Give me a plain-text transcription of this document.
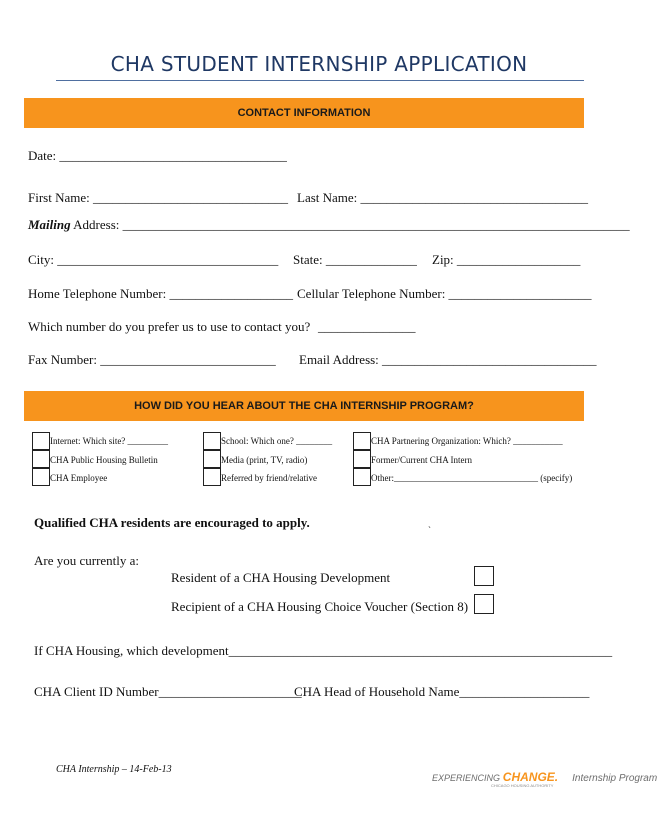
CHA STUDENT INTERNSHIP APPLICATION
CONTACT INFORMATION
Date: ___________________________________
First Name: ______________________________ Last Name: ___________________________________
Mailing Address: ______________________________________________________________________________
City: __________________________________ State: ______________ Zip: ___________________
Home Telephone Number: ___________________ Cellular Telephone Number: ______________________
Which number do you prefer us to use to contact you? _______________
Fax Number: ___________________________ Email Address: _________________________________
HOW DID YOU HEAR ABOUT THE CHA INTERNSHIP PROGRAM?
Internet: Which site? _________
CHA Public Housing Bulletin
CHA Employee
School: Which one? ________
Media (print, TV, radio)
Referred by friend/relative
CHA Partnering Organization: Which? ___________
Former/Current CHA Intern
Other:________________________________ (specify)
Qualified CHA residents are encouraged to apply.	`
Are you currently a:
Resident of a CHA Housing Development
Recipient of a CHA Housing Choice Voucher (Section 8)
If CHA Housing, which development___________________________________________________________
CHA Client ID Number______________________
CHA Head of Household Name____________________
CHA Internship – 14-Feb-13
EXPERIENCING CHANGE. Internship Program
CHICAGO HOUSING AUTHORITY
